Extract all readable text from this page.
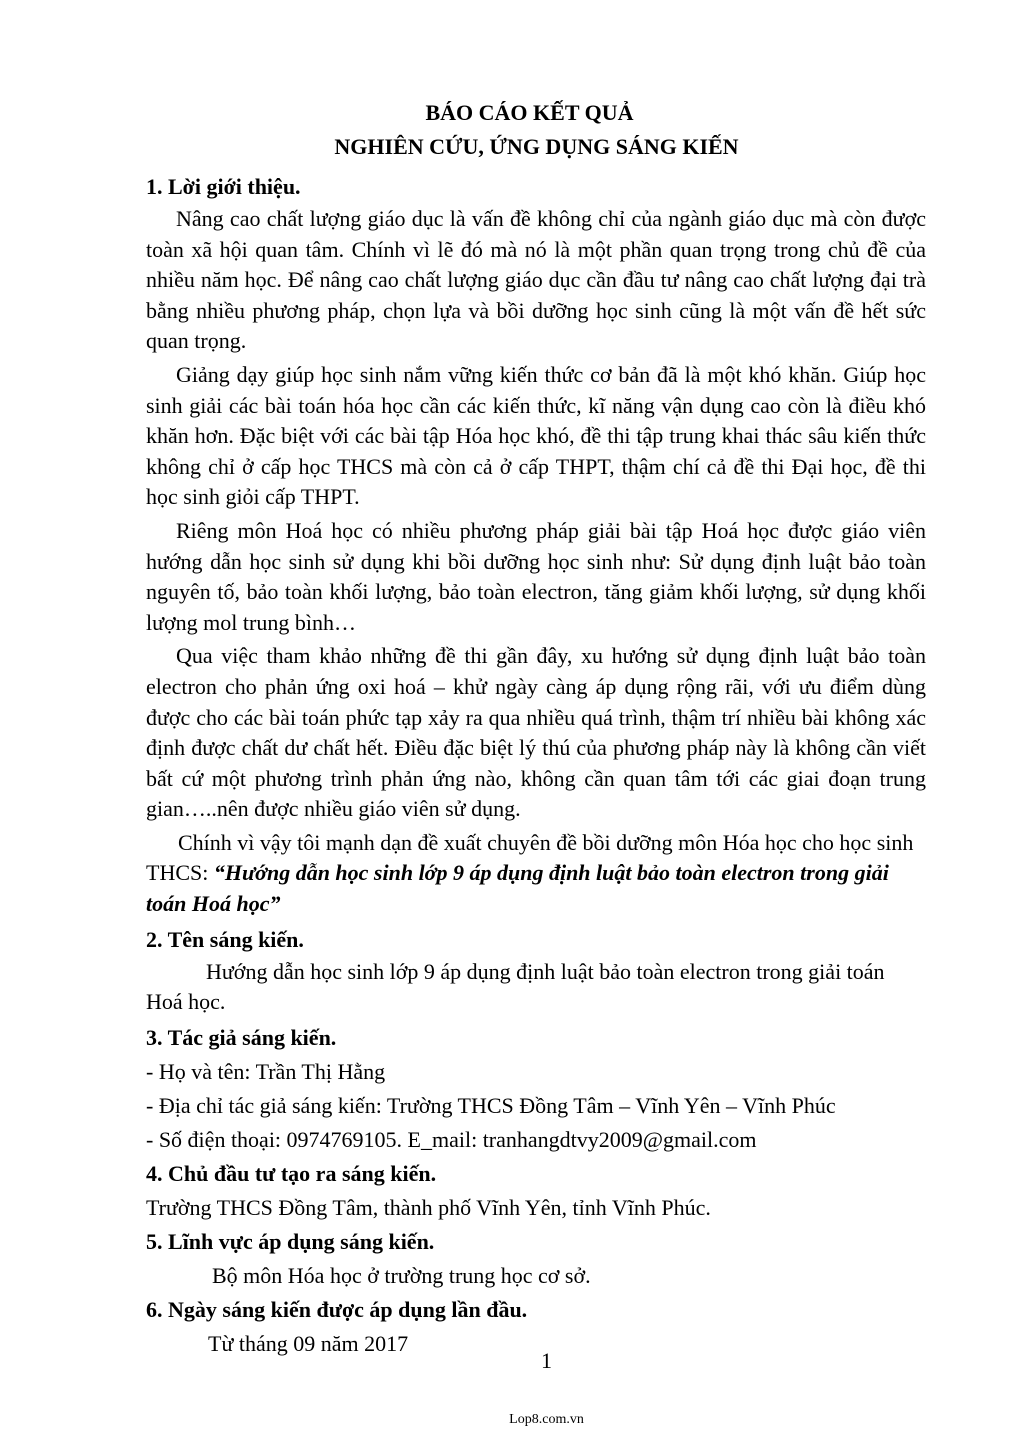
BÁO CÁO KẾT QUẢ
NGHIÊN CỨU, ỨNG DỤNG SÁNG KIẾN

1. Lời giới thiệu.

Nâng cao chất lượng giáo dục là vấn đề không chỉ của ngành giáo dục mà còn được toàn xã hội quan tâm. Chính vì lẽ đó mà nó là một phần quan trọng trong chủ đề của nhiều năm học. Để nâng cao chất lượng giáo dục cần đầu tư nâng cao chất lượng đại trà bằng nhiều phương pháp, chọn lựa và bồi dưỡng học sinh cũng là một vấn đề hết sức quan trọng.

Giảng dạy giúp học sinh nắm vững kiến thức cơ bản đã là một khó khăn. Giúp học sinh giải các bài toán hóa học cần các kiến thức, kĩ năng vận dụng cao còn là điều khó khăn hơn. Đặc biệt với các bài tập Hóa học khó, đề thi tập trung khai thác sâu kiến thức không chỉ ở cấp học THCS mà còn cả ở cấp THPT, thậm chí cả đề thi Đại học, đề thi học sinh giỏi cấp THPT.

Riêng môn Hoá học có nhiều phương pháp giải bài tập Hoá học được giáo viên hướng dẫn học sinh sử dụng khi bồi dưỡng học sinh như: Sử dụng định luật bảo toàn nguyên tố, bảo toàn khối lượng, bảo toàn electron, tăng giảm khối lượng, sử dụng khối lượng mol trung bình…

Qua việc tham khảo những đề thi gần đây, xu hướng sử dụng định luật bảo toàn electron cho phản ứng oxi hoá – khử ngày càng áp dụng rộng rãi, với ưu điểm dùng được cho các bài toán phức tạp xảy ra qua nhiều quá trình, thậm trí nhiều bài không xác định được chất dư chất hết. Điều đặc biệt lý thú của phương pháp này là không cần viết bất cứ một phương trình phản ứng nào, không cần quan tâm tới các giai đoạn trung gian…..nên được nhiều giáo viên sử dụng.

Chính vì vậy tôi mạnh dạn đề xuất chuyên đề bồi dưỡng môn Hóa học cho học sinh THCS: “Hướng dẫn học sinh lớp 9 áp dụng định luật bảo toàn electron trong giải toán Hoá học”

2. Tên sáng kiến.

Hướng dẫn học sinh lớp 9 áp dụng định luật bảo toàn electron trong giải toán Hoá học.

3. Tác giả sáng kiến.

- Họ và tên: Trần Thị Hằng

- Địa chỉ tác giả sáng kiến: Trường THCS Đồng Tâm – Vĩnh Yên – Vĩnh Phúc

- Số điện thoại: 0974769105. E_mail: tranhangdtvy2009@gmail.com

4. Chủ đầu tư tạo ra sáng kiến.

Trường THCS Đồng Tâm, thành phố Vĩnh Yên, tỉnh Vĩnh Phúc.

5. Lĩnh vực áp dụng sáng kiến.

Bộ môn Hóa học ở trường trung học cơ sở.

6. Ngày sáng kiến được áp dụng lần đầu.

Từ tháng 09 năm 2017

1
Lop8.com.vn
